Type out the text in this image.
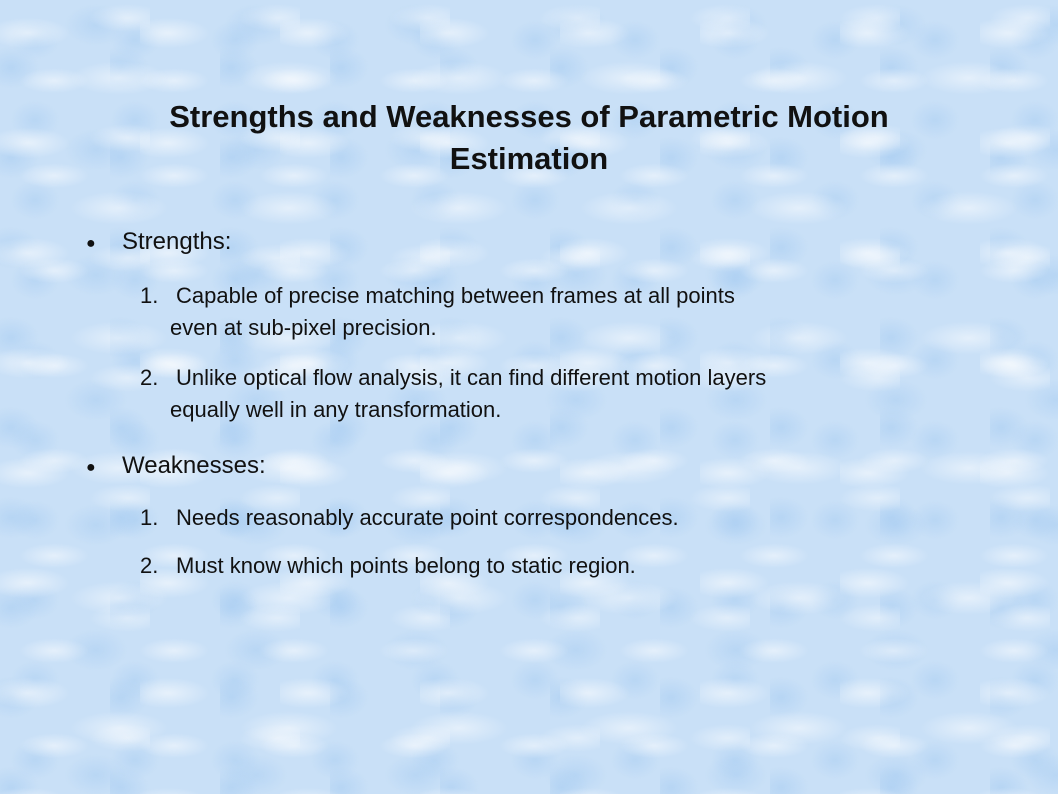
Strengths and Weaknesses of Parametric Motion
Estimation
● Strengths:
1. Capable of precise matching between frames at all points
even at sub-pixel precision.
2. Unlike optical flow analysis, it can find different motion layers
equally well in any transformation.
● Weaknesses:
1. Needs reasonably accurate point correspondences.
2. Must know which points belong to static region.
